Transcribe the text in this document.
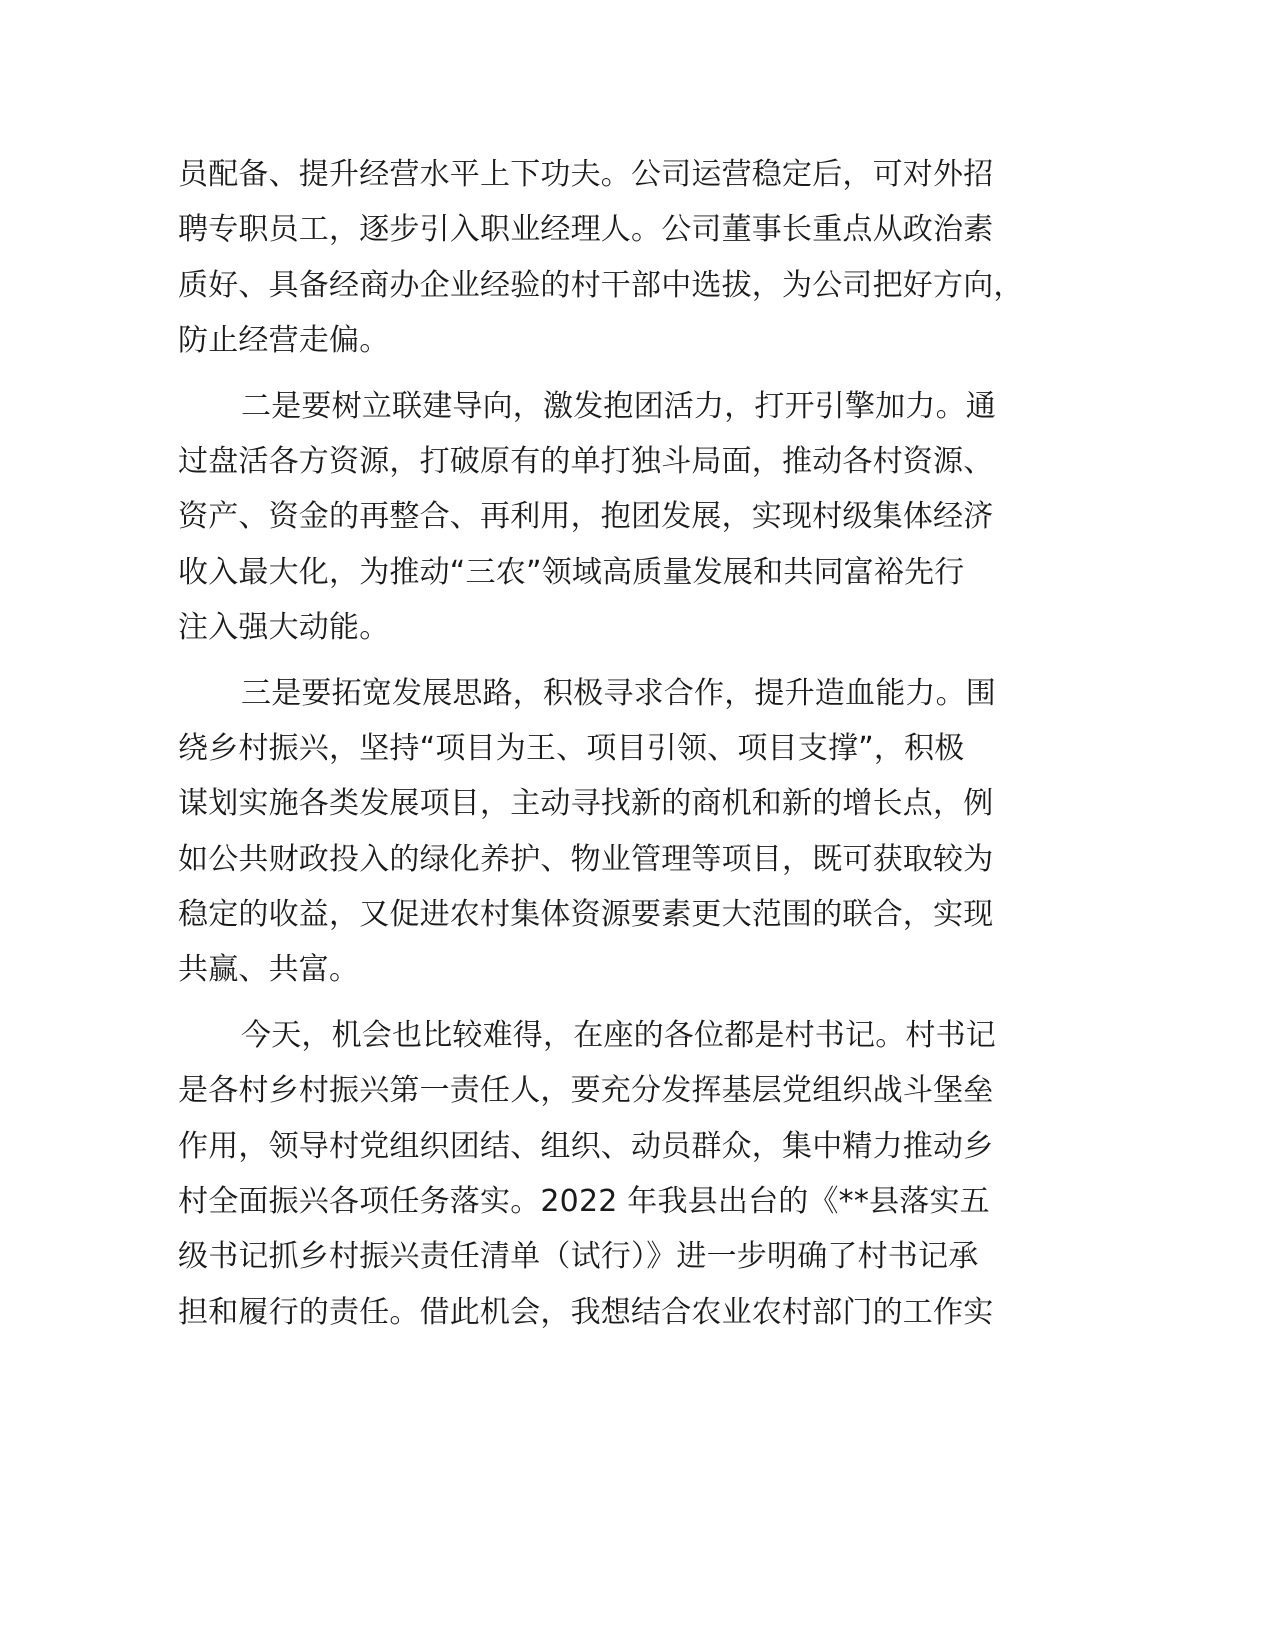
员配备、提升经营水平上下功夫。公司运营稳定后，可对外招
聘专职员工，逐步引入职业经理人。公司董事长重点从政治素
质好、具备经商办企业经验的村干部中选拔，为公司把好方向，
防止经营走偏。
二是要树立联建导向，激发抱团活力，打开引擎加力。通
过盘活各方资源，打破原有的单打独斗局面，推动各村资源、
资产、资金的再整合、再利用，抱团发展，实现村级集体经济
收入最大化，为推动“三农”领域高质量发展和共同富裕先行
注入强大动能。
三是要拓宽发展思路，积极寻求合作，提升造血能力。围
绕乡村振兴，坚持“项目为王、项目引领、项目支撑”，积极
谋划实施各类发展项目，主动寻找新的商机和新的增长点，例
如公共财政投入的绿化养护、物业管理等项目，既可获取较为
稳定的收益，又促进农村集体资源要素更大范围的联合，实现
共赢、共富。
今天，机会也比较难得，在座的各位都是村书记。村书记
是各村乡村振兴第一责任人，要充分发挥基层党组织战斗堡垒
作用，领导村党组织团结、组织、动员群众，集中精力推动乡
村全面振兴各项任务落实。2022 年我县出台的《**县落实五
级书记抓乡村振兴责任清单（试行）》进一步明确了村书记承
担和履行的责任。借此机会，我想结合农业农村部门的工作实
